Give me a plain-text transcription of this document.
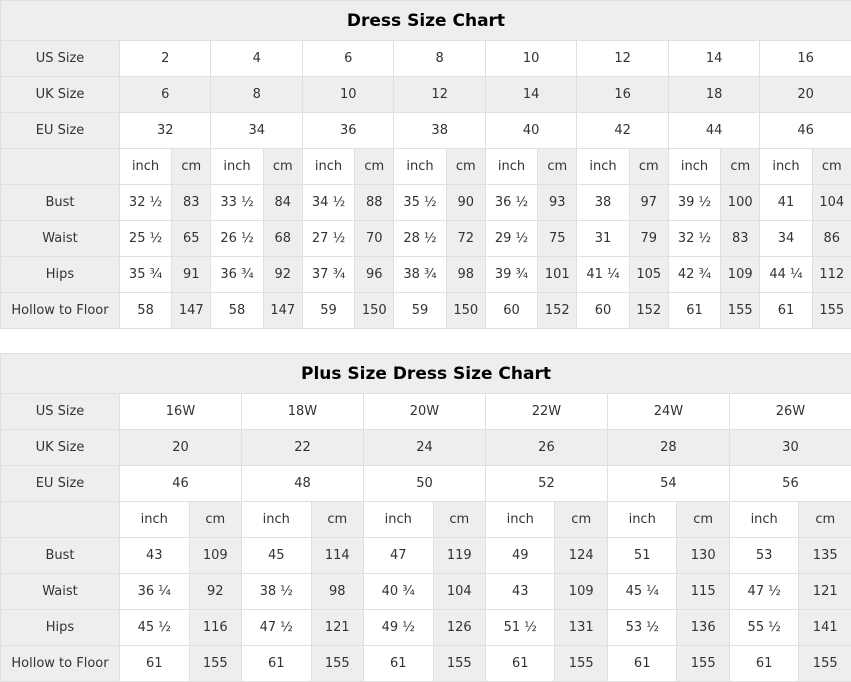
Dress Size Chart																
US Size	2		4		6		8		10		12		14		16	
UK Size	6		8		10		12		14		16		18		20	
EU Size	32		34		36		38		40		42		44		46	
	inch	cm	inch	cm	inch	cm	inch	cm	inch	cm	inch	cm	inch	cm	inch	cm
Bust	32 ½	83	33 ½	84	34 ½	88	35 ½	90	36 ½	93	38	97	39 ½	100	41	104
Waist	25 ½	65	26 ½	68	27 ½	70	28 ½	72	29 ½	75	31	79	32 ½	83	34	86
Hips	35 ¾	91	36 ¾	92	37 ¾	96	38 ¾	98	39 ¾	101	41 ¼	105	42 ¾	109	44 ¼	112
Hollow to Floor	58	147	58	147	59	150	59	150	60	152	60	152	61	155	61	155
Plus Size Dress Size Chart												
US Size	16W		18W		20W		22W		24W		26W	
UK Size	20		22		24		26		28		30	
EU Size	46		48		50		52		54		56	
	inch	cm	inch	cm	inch	cm	inch	cm	inch	cm	inch	cm
Bust	43	109	45	114	47	119	49	124	51	130	53	135
Waist	36 ¼	92	38 ½	98	40 ¾	104	43	109	45 ¼	115	47 ½	121
Hips	45 ½	116	47 ½	121	49 ½	126	51 ½	131	53 ½	136	55 ½	141
Hollow to Floor	61	155	61	155	61	155	61	155	61	155	61	155
